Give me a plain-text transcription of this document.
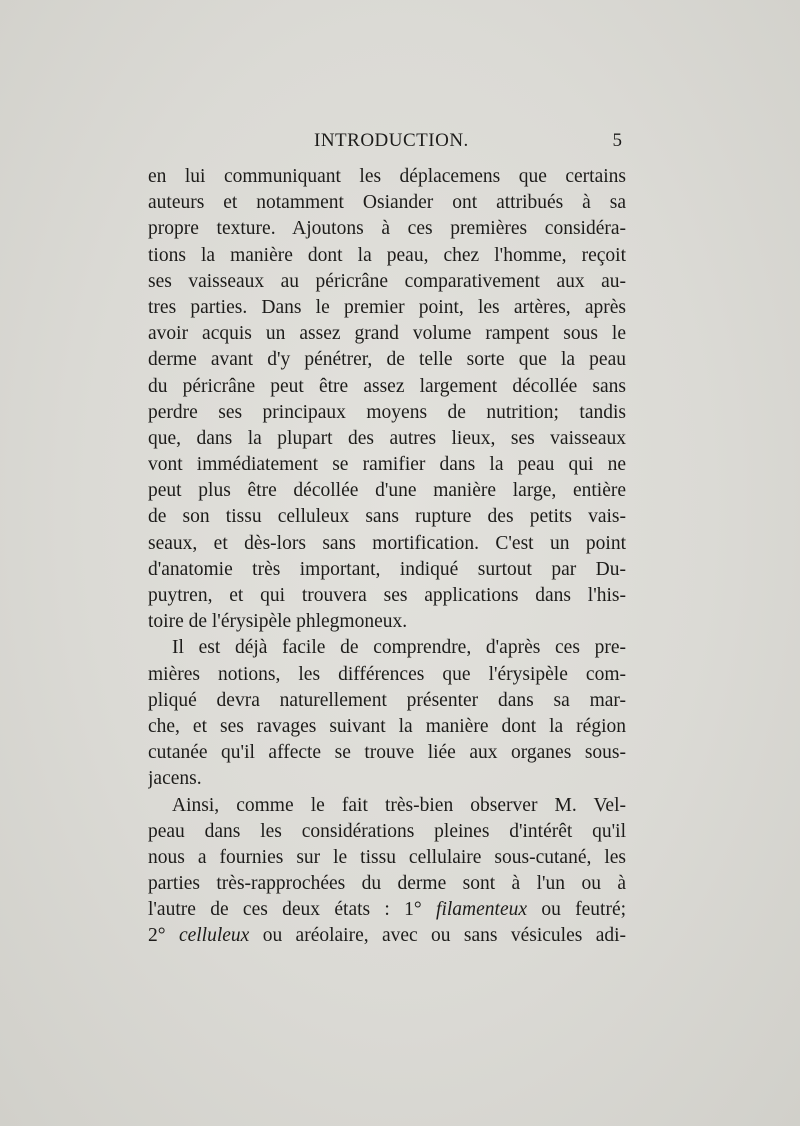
INTRODUCTION.	5
en lui communiquant les déplacemens que certains
auteurs et notamment Osiander ont attribués à sa
propre texture. Ajoutons à ces premières considéra-
tions la manière dont la peau, chez l'homme, reçoit
ses vaisseaux au péricrâne comparativement aux au-
tres parties. Dans le premier point, les artères, après
avoir acquis un assez grand volume rampent sous le
derme avant d'y pénétrer, de telle sorte que la peau
du péricrâne peut être assez largement décollée sans
perdre ses principaux moyens de nutrition; tandis
que, dans la plupart des autres lieux, ses vaisseaux
vont immédiatement se ramifier dans la peau qui ne
peut plus être décollée d'une manière large, entière
de son tissu celluleux sans rupture des petits vais-
seaux, et dès-lors sans mortification. C'est un point
d'anatomie très important, indiqué surtout par Du-
puytren, et qui trouvera ses applications dans l'his-
toire de l'érysipèle phlegmoneux.
Il est déjà facile de comprendre, d'après ces pre-
mières notions, les différences que l'érysipèle com-
pliqué devra naturellement présenter dans sa mar-
che, et ses ravages suivant la manière dont la région
cutanée qu'il affecte se trouve liée aux organes sous-
jacens.
Ainsi, comme le fait très-bien observer M. Vel-
peau dans les considérations pleines d'intérêt qu'il
nous a fournies sur le tissu cellulaire sous-cutané, les
parties très-rapprochées du derme sont à l'un ou à
l'autre de ces deux états : 1° filamenteux ou feutré;
2° celluleux ou aréolaire, avec ou sans vésicules adi-
